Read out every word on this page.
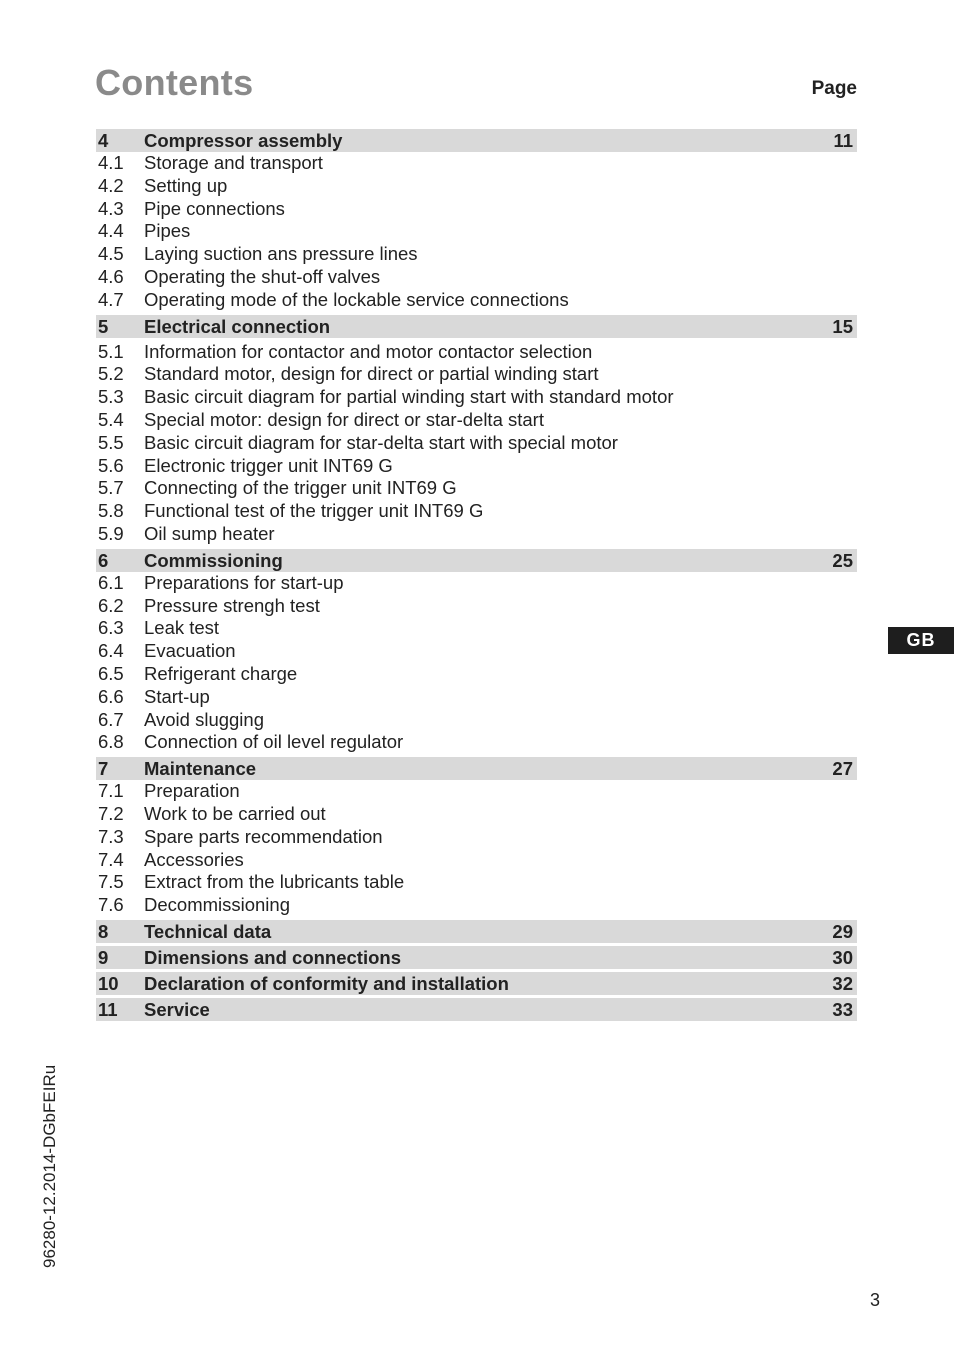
Contents	Page
4	Compressor assembly	11
4.1	Storage and transport
4.2	Setting up
4.3	Pipe connections
4.4	Pipes
4.5	Laying suction ans pressure lines
4.6	Operating the shut-off valves
4.7	Operating mode of the lockable service connections
5	Electrical connection	15
5.1	Information for contactor and motor contactor selection
5.2	Standard motor, design for direct or partial winding start
5.3	Basic circuit diagram for partial winding start with standard motor
5.4	Special motor: design for direct or star-delta start
5.5	Basic circuit diagram for star-delta start with special motor
5.6	Electronic trigger unit INT69 G
5.7	Connecting of the trigger unit INT69 G
5.8	Functional test of the trigger unit INT69 G
5.9	Oil sump heater
6	Commissioning	25
6.1	Preparations for start-up
6.2	Pressure strengh test
6.3	Leak test
6.4	Evacuation
6.5	Refrigerant charge
6.6	Start-up
6.7	Avoid slugging
6.8	Connection of oil level regulator
7	Maintenance	27
7.1	Preparation
7.2	Work to be carried out
7.3	Spare parts recommendation
7.4	Accessories
7.5	Extract from the lubricants table
7.6	Decommissioning
8	Technical data	29
9	Dimensions and connections	30
10	Declaration of conformity and installation	32
11	Service	33
GB
96280-12.2014-DGbFEIRu
3
